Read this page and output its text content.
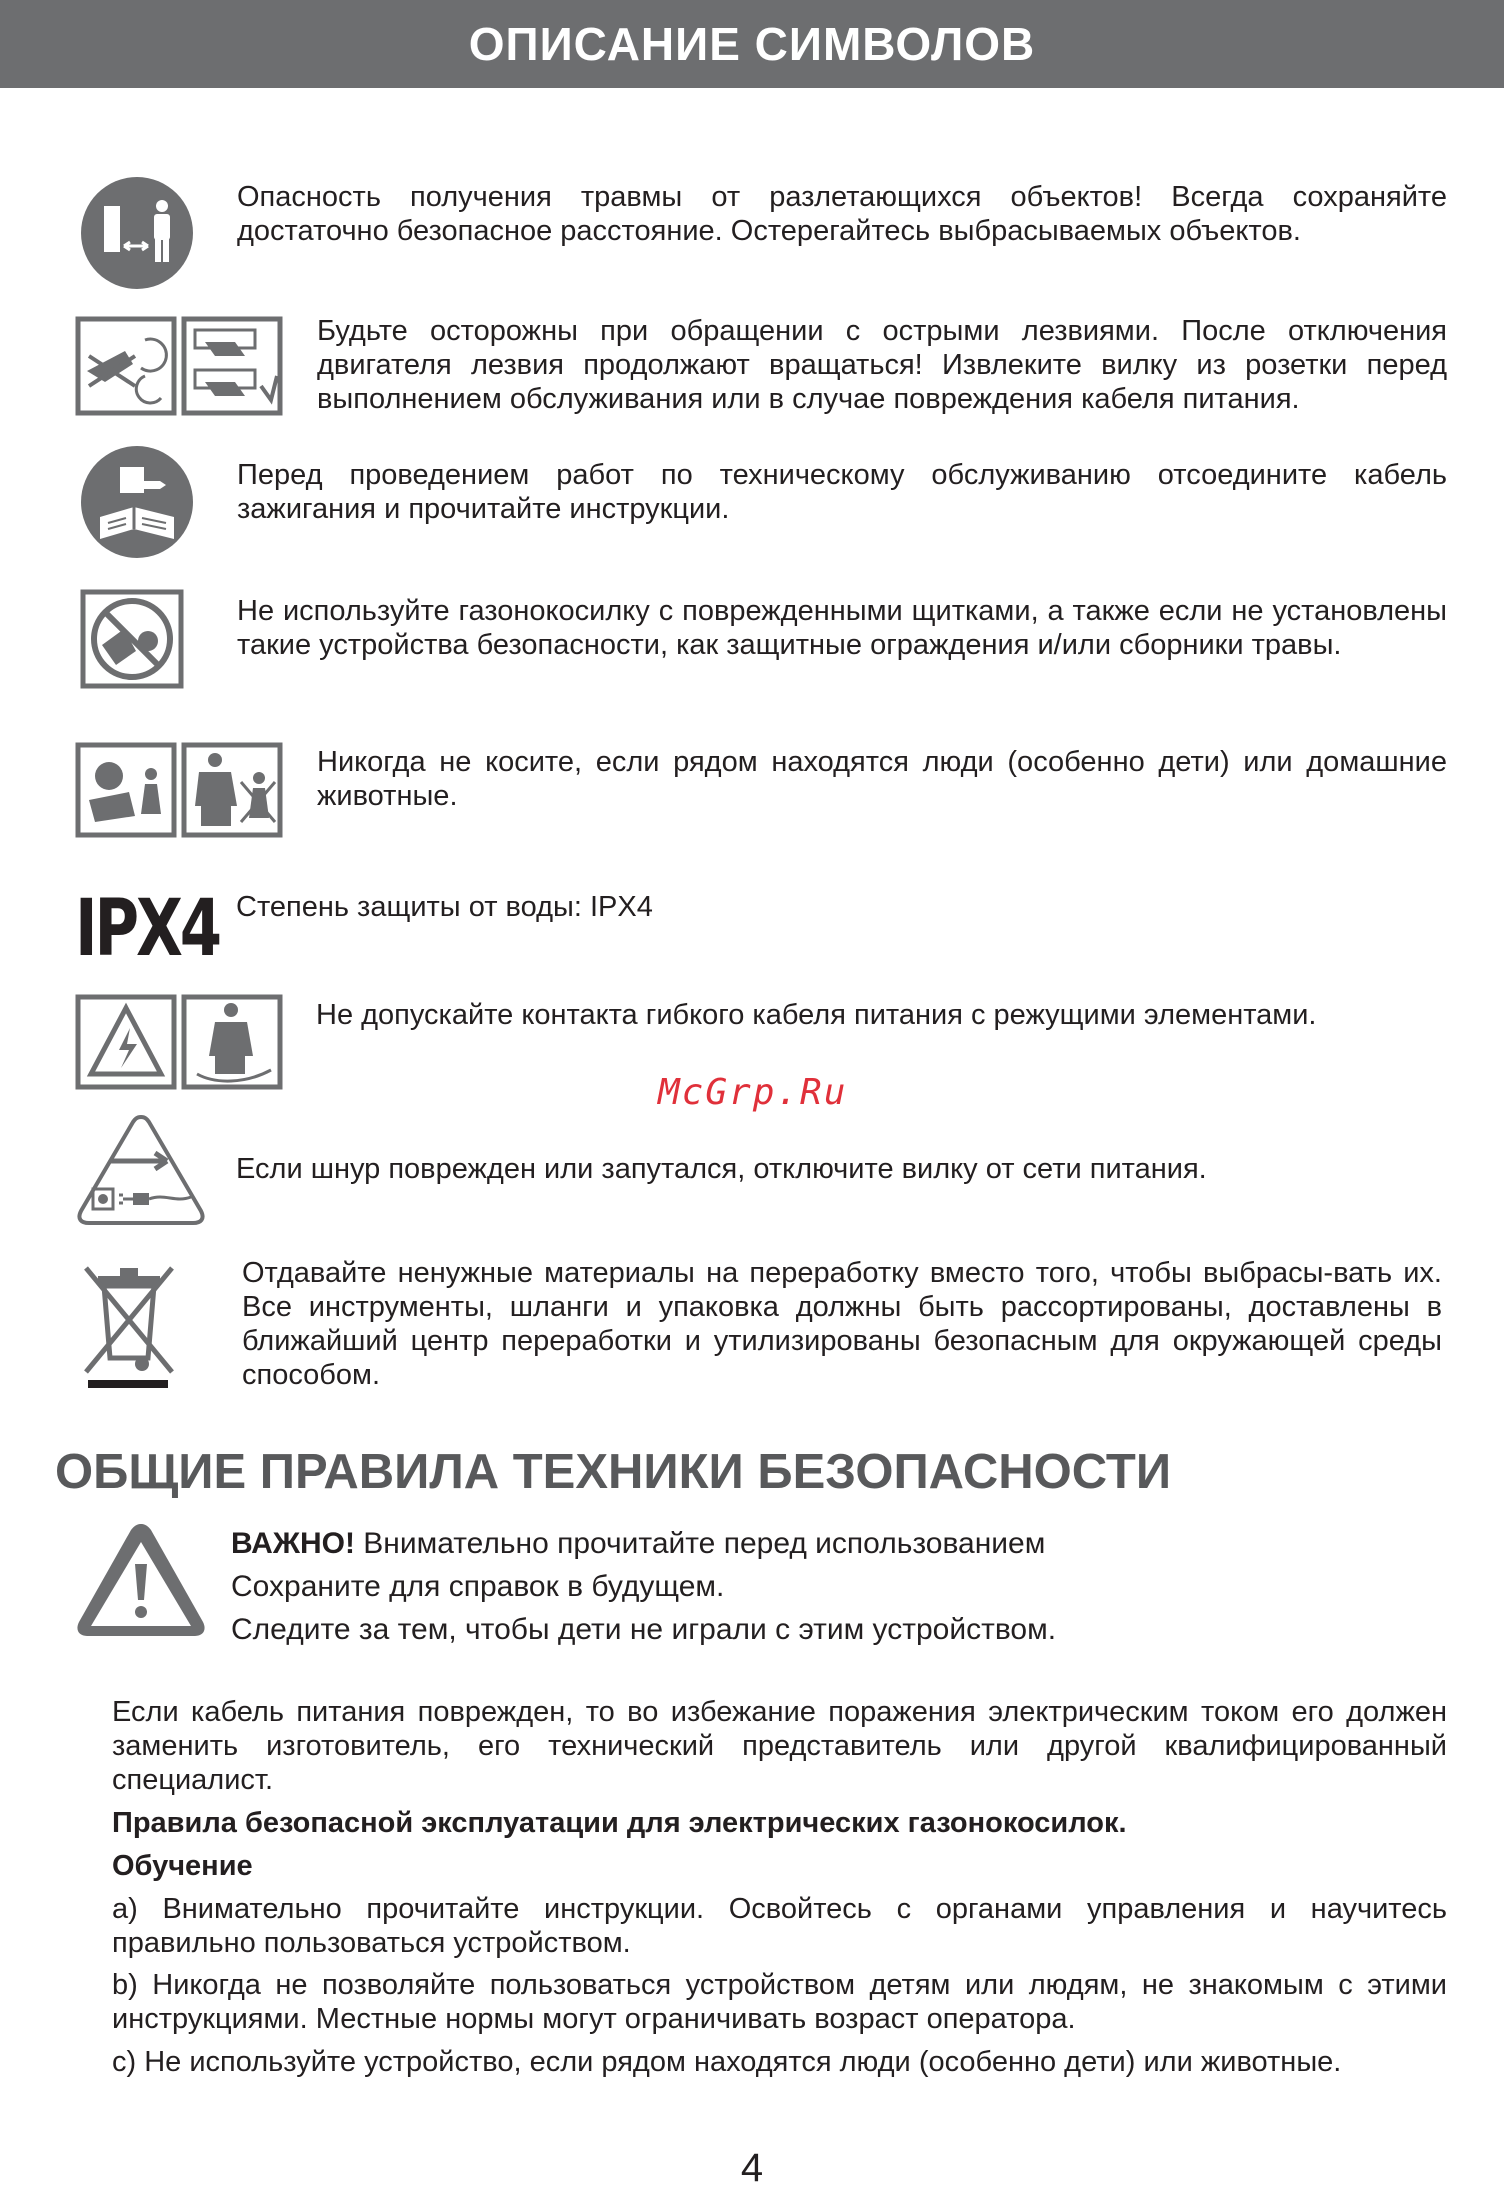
ОПИСАНИЕ СИМВОЛОВ
Опасность получения травмы от разлетающихся объектов! Всегда сохраняйте достаточно безопасное расстояние. Остерегайтесь выбрасываемых объектов.
Будьте осторожны при обращении с острыми лезвиями. После отключения двигателя лезвия продолжают вращаться! Извлеките вилку из розетки перед выполнением обслуживания или в случае повреждения кабеля питания.
Перед проведением работ по техническому обслуживанию отсоедините кабель зажигания и прочитайте инструкции.
Не используйте газонокосилку с поврежденными щитками, а также если не установлены такие устройства безопасности, как защитные ограждения и/или сборники травы.
Никогда не косите, если рядом находятся люди (особенно дети) или домашние животные.
IPX4 Степень защиты от воды: IPX4
Не допускайте контакта гибкого кабеля питания с режущими элементами.
McGrp.Ru
Если шнур поврежден или запутался, отключите вилку от сети питания.
Отдавайте ненужные материалы на переработку вместо того, чтобы выбрасы-вать их. Все инструменты, шланги и упаковка должны быть рассортированы, доставлены в ближайший центр переработки и утилизированы безопасным для окружающей среды способом.
ОБЩИЕ ПРАВИЛА ТЕХНИКИ БЕЗОПАСНОСТИ
ВАЖНО! Внимательно прочитайте перед использованием
Сохраните для справок в будущем.
Следите за тем, чтобы дети не играли с этим устройством.
Если кабель питания поврежден, то во избежание поражения электрическим током его должен заменить изготовитель, его технический представитель или другой квалифицированный специалист.
Правила безопасной эксплуатации для электрических газонокосилок.
Обучение
a) Внимательно прочитайте инструкции. Освойтесь с органами управления и научитесь правильно пользоваться устройством.
b) Никогда не позволяйте пользоваться устройством детям или людям, не знакомым с этими инструкциями. Местные нормы могут ограничивать возраст оператора.
c) Не используйте устройство, если рядом находятся люди (особенно дети) или животные.
4
